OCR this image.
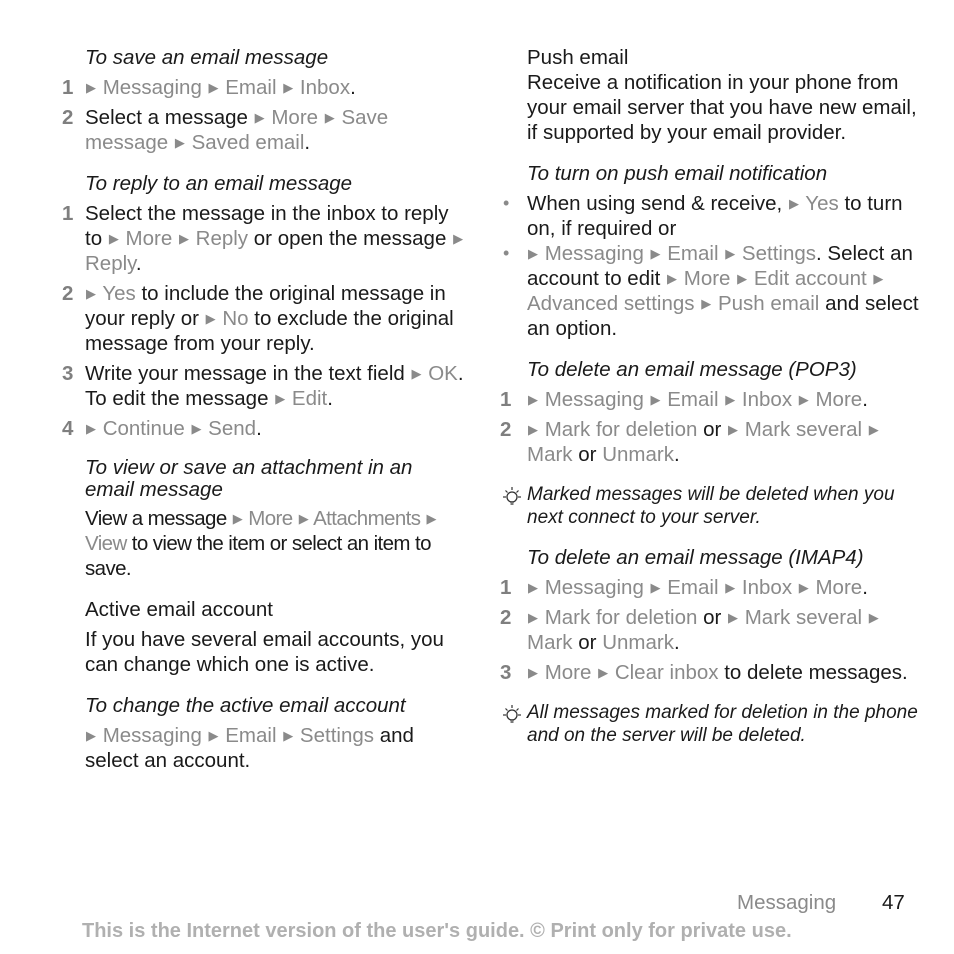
To save an email message
1 ▶ Messaging ▶ Email ▶ Inbox.
2 Select a message ▶ More ▶ Save message ▶ Saved email.
To reply to an email message
1 Select the message in the inbox to reply to ▶ More ▶ Reply or open the message ▶ Reply.
2 ▶ Yes to include the original message in your reply or ▶ No to exclude the original message from your reply.
3 Write your message in the text field ▶ OK. To edit the message ▶ Edit.
4 ▶ Continue ▶ Send.
To view or save an attachment in an email message
View a message ▶ More ▶ Attachments ▶ View to view the item or select an item to save.
Active email account
If you have several email accounts, you can change which one is active.
To change the active email account
▶ Messaging ▶ Email ▶ Settings and select an account.
Push email
Receive a notification in your phone from your email server that you have new email, if supported by your email provider.
To turn on push email notification
• When using send & receive, ▶ Yes to turn on, if required or
•	▶ Messaging ▶ Email ▶ Settings. Select an account to edit ▶ More ▶ Edit account ▶ Advanced settings ▶ Push email and select an option.
To delete an email message (POP3)
1	▶ Messaging ▶ Email ▶ Inbox ▶ More.
2	▶ Mark for deletion or ▶ Mark several ▶ Mark or Unmark.
Marked messages will be deleted when you next connect to your server.
To delete an email message (IMAP4)
1	▶ Messaging ▶ Email ▶ Inbox ▶ More.
2	▶ Mark for deletion or ▶ Mark several ▶ Mark or Unmark.
3	▶ More ▶ Clear inbox to delete messages.
All messages marked for deletion in the phone and on the server will be deleted.
Messaging 47
This is the Internet version of the user's guide. © Print only for private use.
